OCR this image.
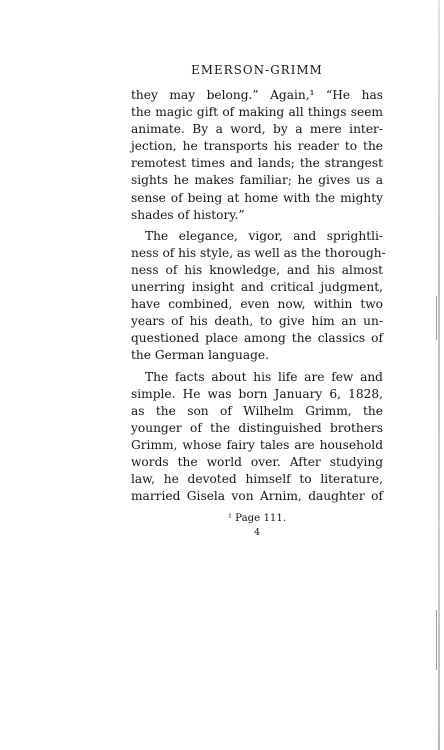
EMERSON-GRIMM
they may belong.” Again,¹ “He has
the magic gift of making all things seem
animate. By a word, by a mere inter-
jection, he transports his reader to the
remotest times and lands; the strangest
sights he makes familiar; he gives us a
sense of being at home with the mighty
shades of history.”
The elegance, vigor, and sprightli-
ness of his style, as well as the thorough-
ness of his knowledge, and his almost
unerring insight and critical judgment,
have combined, even now, within two
years of his death, to give him an un-
questioned place among the classics of
the German language.
The facts about his life are few and
simple. He was born January 6, 1828,
as the son of Wilhelm Grimm, the
younger of the distinguished brothers
Grimm, whose fairy tales are household
words the world over. After studying
law, he devoted himself to literature,
married Gisela von Arnim, daughter of
¹ Page 111.
4
